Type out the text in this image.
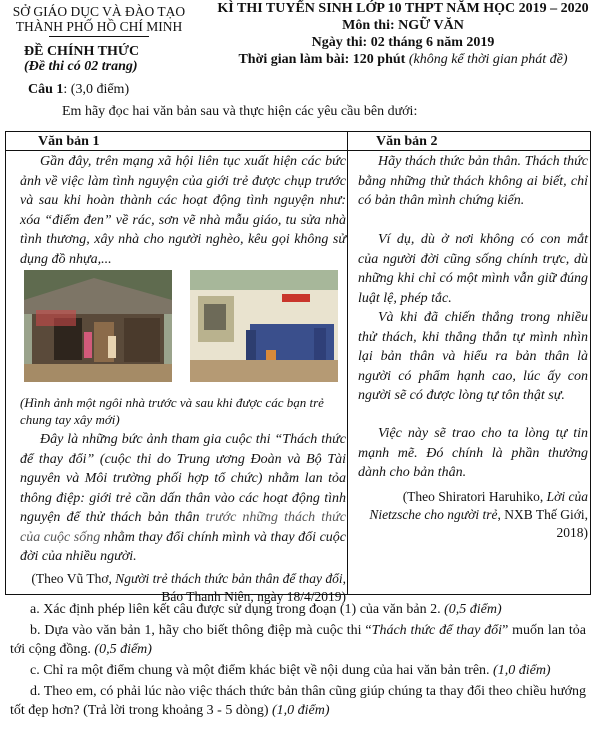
SỞ GIÁO DỤC VÀ ĐÀO TẠO
THÀNH PHỐ HỒ CHÍ MINH
KÌ THI TUYỂN SINH LỚP 10 THPT NĂM HỌC 2019 – 2020
Môn thi: NGỮ VĂN
Ngày thi: 02 tháng 6 năm 2019
Thời gian làm bài: 120 phút (không kể thời gian phát đề)
ĐỀ CHÍNH THỨC
(Đề thi có 02 trang)
Câu 1: (3,0 điểm)
Em hãy đọc hai văn bản sau và thực hiện các yêu cầu bên dưới:
Văn bản 1
Gần đây, trên mạng xã hội liên tục xuất hiện các bức ảnh về việc làm tình nguyện của giới trẻ được chụp trước và sau khi hoàn thành các hoạt động tình nguyện như: xóa “điểm đen” về rác, sơn vẽ nhà mẫu giáo, tu sửa nhà tình thương, xây nhà cho người nghèo, kêu gọi không sử dụng đồ nhựa,...
(Hình ảnh một ngôi nhà trước và sau khi được các bạn trẻ chung tay xây mới)
Đây là những bức ảnh tham gia cuộc thi “Thách thức để thay đổi” (cuộc thi do Trung ương Đoàn và Bộ Tài nguyên và Môi trường phối hợp tổ chức) nhằm lan tỏa thông điệp: giới trẻ cần dấn thân vào các hoạt động tình nguyện để thử thách bản thân trước những thách thức của cuộc sống nhằm thay đổi chính mình và thay đổi cuộc đời của nhiều người.
(Theo Vũ Thơ, Người trẻ thách thức bản thân để thay đổi, Báo Thanh Niên, ngày 18/4/2019)
Văn bản 2
Hãy thách thức bản thân. Thách thức bằng những thử thách không ai biết, chỉ có bản thân mình chứng kiến.
Ví dụ, dù ở nơi không có con mắt của người đời cũng sống chính trực, dù những khi chỉ có một mình vẫn giữ đúng luật lệ, phép tắc.
Và khi đã chiến thắng trong nhiều thử thách, khi thẳng thắn tự mình nhìn lại bản thân và hiểu ra bản thân là người có phẩm hạnh cao, lúc ấy con người sẽ có được lòng tự tôn thật sự.
Việc này sẽ trao cho ta lòng tự tin mạnh mẽ. Đó chính là phần thưởng dành cho bản thân.
(Theo Shiratori Haruhiko, Lời của Nietzsche cho người trẻ, NXB Thế Giới, 2018)
a. Xác định phép liên kết câu được sử dụng trong đoạn (1) của văn bản 2. (0,5 điểm)
b. Dựa vào văn bản 1, hãy cho biết thông điệp mà cuộc thi “Thách thức để thay đổi” muốn lan tỏa tới cộng đồng. (0,5 điểm)
c. Chỉ ra một điểm chung và một điểm khác biệt về nội dung của hai văn bản trên. (1,0 điểm)
d. Theo em, có phải lúc nào việc thách thức bản thân cũng giúp chúng ta thay đổi theo chiều hướng tốt đẹp hơn? (Trả lời trong khoảng 3 - 5 dòng) (1,0 điểm)
